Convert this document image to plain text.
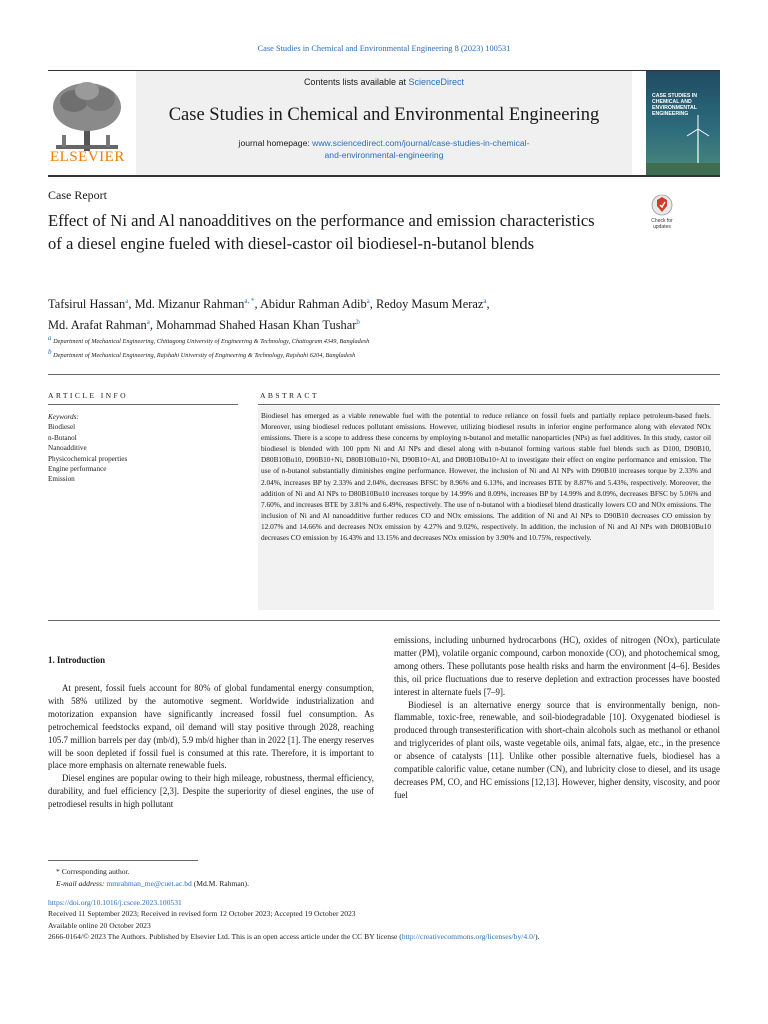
Case Studies in Chemical and Environmental Engineering 8 (2023) 100531
ELSEVIER
Contents lists available at ScienceDirect
Case Studies in Chemical and Environmental Engineering
journal homepage: www.sciencedirect.com/journal/case-studies-in-chemical-
and-environmental-engineering
CASE STUDIES IN CHEMICAL AND ENVIRONMENTAL ENGINEERING
Case Report
Effect of Ni and Al nanoadditives on the performance and emission characteristics of a diesel engine fueled with diesel-castor oil biodiesel-n-butanol blends
Check for
updates
Tafsirul Hassan$^a$, Md. Mizanur Rahman$^{a, *}$, Abidur Rahman Adib$^a$, Redoy Masum Meraz$^a$,
Md. Arafat Rahman$^a$, Mohammad Shahed Hasan Khan Tushar$^b$
$^a$ Department of Mechanical Engineering, Chittagong University of Engineering & Technology, Chattogram 4349, Bangladesh
$^b$ Department of Mechanical Engineering, Rajshahi University of Engineering & Technology, Rajshahi 6204, Bangladesh
ARTICLE INFO	ABSTRACT
Keywords:
Biodiesel
n-Butanol
Nanoadditive
Physicochemical properties
Engine performance
Emission

Biodiesel has emerged as a viable renewable fuel with the potential to reduce reliance on fossil fuels and partially replace petroleum-based fuels. Moreover, using biodiesel reduces pollutant emissions. However, utilizing biodiesel results in inferior engine performance along with elevated NOx emissions. There is a scope to address these concerns by employing n-butanol and metallic nanoparticles (NPs) as fuel additives. In this study, castor oil biodiesel is blended with 100 ppm Ni and Al NPs and diesel along with n-butanol forming various stable fuel blends such as D100, D90B10, D80B10Bu10, D90B10+Ni, D80B10Bu10+Ni, D90B10+Al, and D80B10Bu10+Al to investigate their effect on engine performance and emission. The use of n-butanol substantially diminishes engine performance. However, the inclusion of Ni and Al NPs with D90B10 increases torque by 2.33% and 2.04%, increases BP by 2.33% and 2.04%, decreases BFSC by 8.96% and 6.13%, and increases BTE by 8.87% and 5.43%, respectively. Moreover, the addition of Ni and Al NPs to D80B10Bu10 increases torque by 14.99% and 8.09%, increases BP by 14.99% and 8.09%, decreases BFSC by 5.06% and 7.60%, and increases BTE by 3.81% and 6.49%, respectively. The use of n-butanol with a biodiesel blend drastically lowers CO and NOx emissions. The inclusion of Ni and Al nanoadditive further reduces CO and NOx emissions. The addition of Ni and Al NPs to D90B10 decreases CO emission by 12.07% and 14.66% and decreases NOx emission by 4.27% and 9.02%, respectively. In addition, the inclusion of Ni and Al NPs with D80B10Bu10 decreases CO emission by 16.43% and 13.15% and decreases NOx emission by 3.90% and 10.75%, respectively.

1. Introduction

At present, fossil fuels account for 80% of global fundamental energy consumption, with 58% utilized by the automotive segment. Worldwide industrialization and motorization expansion have significantly increased fossil fuel consumption. As petrochemical feedstocks expand, oil demand will stay positive through 2028, reaching 105.7 million barrels per day (mb/d), 5.9 mb/d higher than in 2022 [1]. The energy reserves will be soon depleted if fossil fuel is consumed at this rate. Therefore, it is important to place more emphasis on alternate renewable fuels.

Diesel engines are popular owing to their high mileage, robustness, thermal efficiency, durability, and fuel efficiency [2,3]. Despite the superiority of diesel engines, the use of petrodiesel results in high pollutant

emissions, including unburned hydrocarbons (HC), oxides of nitrogen (NOx), particulate matter (PM), volatile organic compound, carbon monoxide (CO), and photochemical smog, among others. These pollutants pose health risks and harm the environment [4–6]. Besides this, oil price fluctuations due to reserve depletion and extraction processes have boosted interest in alternate fuels [7–9].

Biodiesel is an alternative energy source that is environmentally benign, non-flammable, toxic-free, renewable, and soil-biodegradable [10]. Oxygenated biodiesel is produced through transesterification with short-chain alcohols such as methanol or ethanol and triglycerides of plant oils, waste vegetable oils, animal fats, algae, etc., in the presence or absence of catalysts [11]. Unlike other possible alternative fuels, biodiesel has a compatible calorific value, cetane number (CN), and lubricity close to diesel, and its usage decreases PM, CO, and HC emissions [12,13]. However, higher density, viscosity, and poor fuel

* Corresponding author.
E-mail address: mmrahman_me@cuet.ac.bd (Md.M. Rahman).
https://doi.org/10.1016/j.cscee.2023.100531
Received 11 September 2023; Received in revised form 12 October 2023; Accepted 19 October 2023
Available online 20 October 2023
2666-0164/© 2023 The Authors. Published by Elsevier Ltd. This is an open access article under the CC BY license (http://creativecommons.org/licenses/by/4.0/).
